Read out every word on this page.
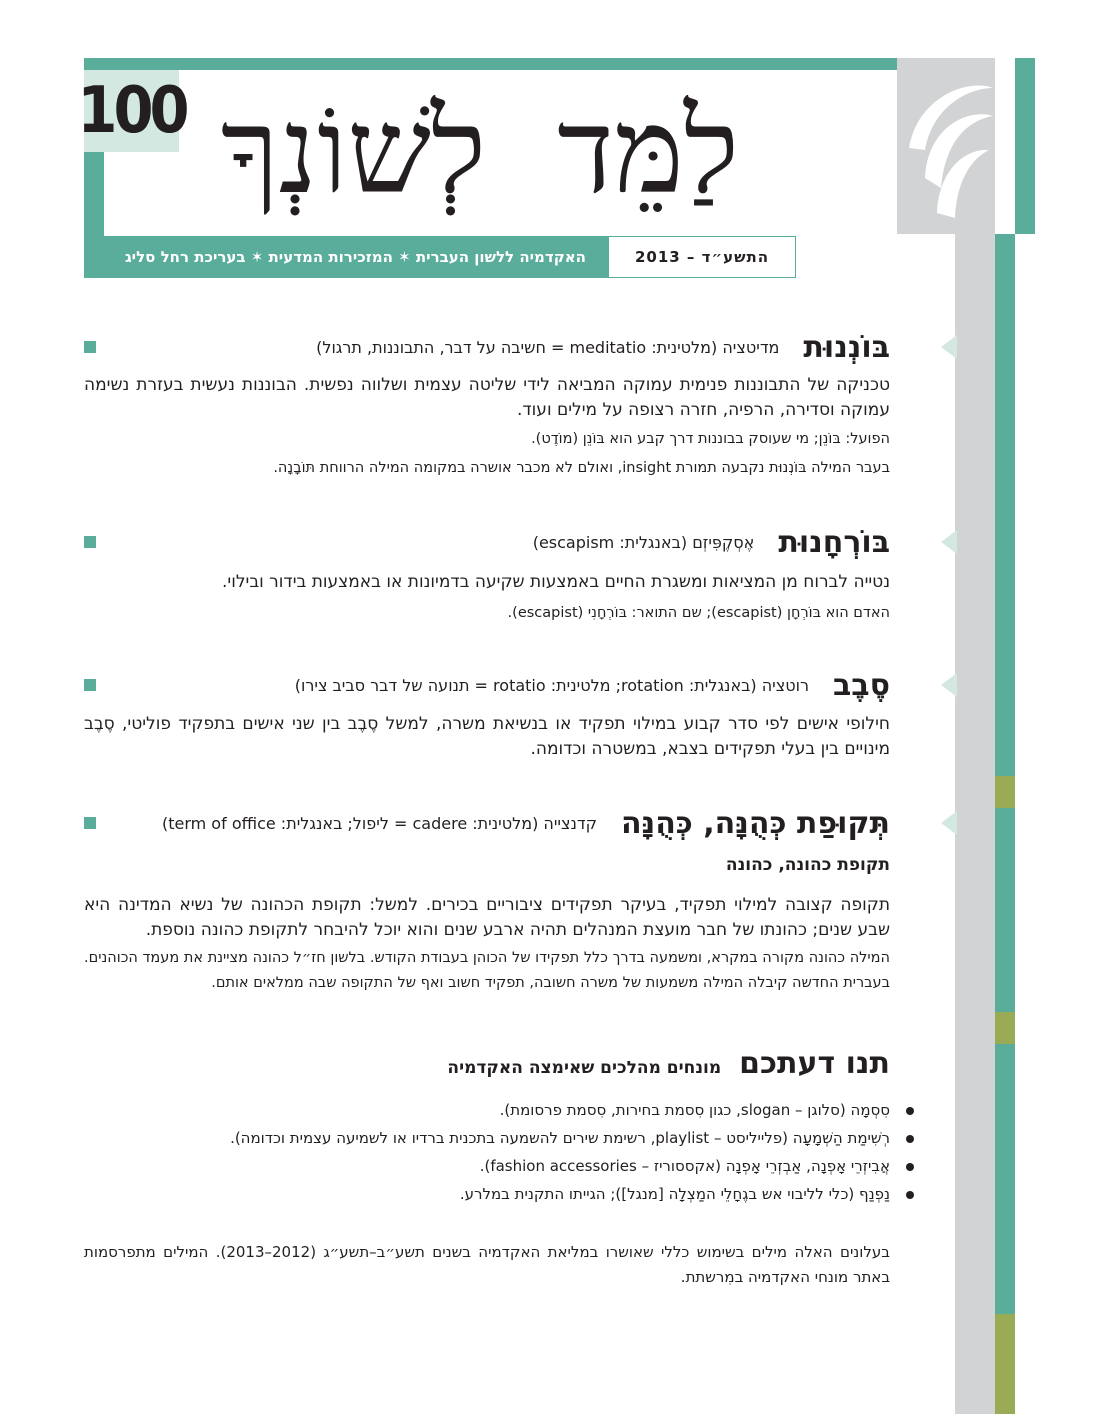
100 לַמֵּד לְשׁוֹנְךָ
האקדמיה ללשון העברית ✶ המזכירות המדעית ✶ בעריכת רחל סליג	התשע״ד – 2013
בּוֹנְנוּת
מדיטציה (מלטינית: meditatio = חשיבה על דבר, התבוננות, תרגול)
טכניקה של התבוננות פנימית עמוקה המביאה לידי שליטה עצמית ושלווה נפשית. הבוננות נעשית בעזרת נשימה עמוקה וסדירה, הרפיה, חזרה רצופה על מילים ועוד.
הפועל: בּוֹנֵן; מי שעוסק בבוננות דרך קבע הוא בּוֹנֵן (מוֹדֶט).
בעבר המילה בּוֹנְנוּת נקבעה תמורת insight, ואולם לא מכבר אושרה במקומה המילה הרווחת תּוֹבָנָה.
בּוֹרְחָנוּת
אֶסְקֶפִּיזְם (באנגלית: escapism)
נטייה לברוח מן המציאות ומשגרת החיים באמצעות שקיעה בדמיונות או באמצעות בידור ובילוי.
האדם הוא בּוֹרְחָן (escapist); שם התואר: בּוֹרְחָנִי (escapist).
סֶבֶב
רוטציה (באנגלית: rotation; מלטינית: rotatio = תנועה של דבר סביב צירו)
חילופי אישים לפי סדר קבוע במילוי תפקיד או בנשיאת משרה, למשל סֶבֶב בין שני אישים בתפקיד פוליטי, סֶבֶב מינויים בין בעלי תפקידים בצבא, במשטרה וכדומה.
תְּקוּפַת כְּהֻנָּה, כְּהֻנָּה
קדנצייה (מלטינית: cadere = ליפול; באנגלית: term of office)
תקופת כהונה, כהונה
תקופה קצובה למילוי תפקיד, בעיקר תפקידים ציבוריים בכירים. למשל: תקופת הכהונה של נשיא המדינה היא שבע שנים; כהונתו של חבר מועצת המנהלים תהיה ארבע שנים והוא יוכל להיבחר לתקופת כהונה נוספת.
המילה כהונה מקורה במקרא, ומשמעה בדרך כלל תפקידו של הכוהן בעבודת הקודש. בלשון חז״ל כהונה מציינת את מעמד הכוהנים. בעברית החדשה קיבלה המילה משמעות של משרה חשובה, תפקיד חשוב ואף של התקופה שבה ממלאים אותם.
תנו דעתכם
מונחים מהלכים שאימצה האקדמיה
סִסְמָה (סלוגן – slogan, כגון סִסמת בחירות, סִסמת פרסומת).
רְשִׁימַת הַשְׁמָעָה (פלייליסט – playlist, רשימת שירים להשמעה בתכנית ברדיו או לשמיעה עצמית וכדומה).
אֲבִיזְרֵי אָפְנָה, אַבְזְרֵי אָפְנָה (אקססוריז – fashion accessories).
נַפְנַף (כלי לליבוי אש בגֶחָלֵי המַצְלָה [מנגל]); הגייתו התקנית במלרע.
בעלונים האלה מילים בשימוש כללי שאושרו במליאת האקדמיה בשנים תשע״ב–תשע״ג (2012–2013). המילים מתפרסמות באתר מונחי האקדמיה במִרשתת.
